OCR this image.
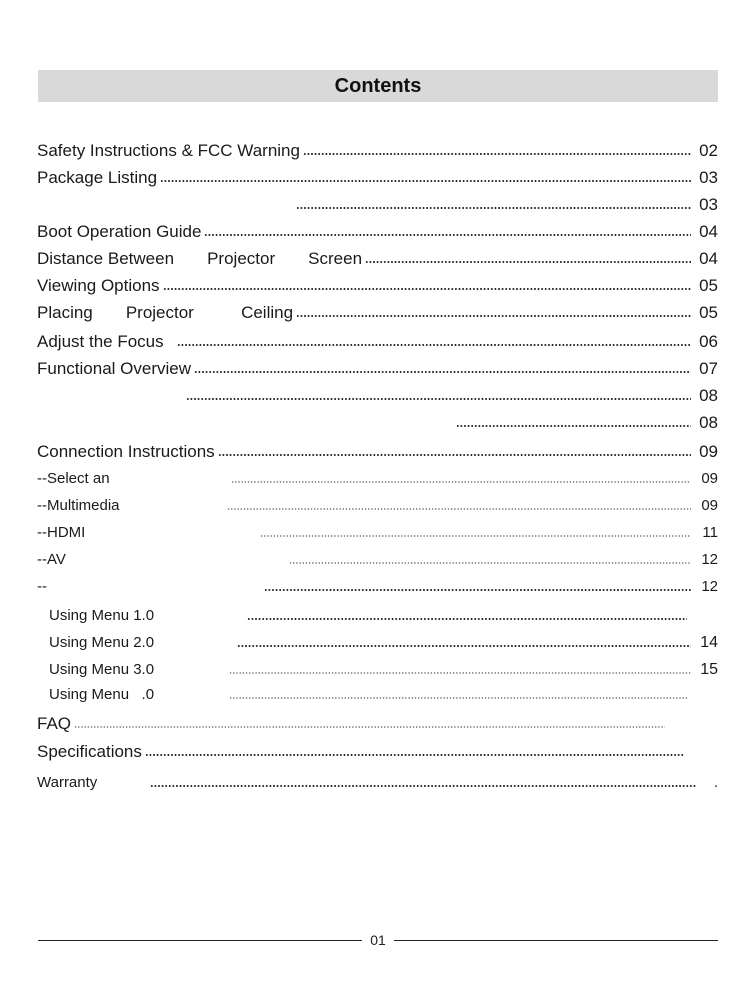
Contents
Safety Instructions & FCC Warning	02
Package Listing	03
03
Boot Operation Guide	04
Distance Between       Projector       Screen	04
Viewing Options	05
Placing       Projector          Ceiling	05
Adjust the Focus	06
Functional Overview	07
08
08
Connection Instructions	09
--Select an	09
--Multimedia	09
--HDMI	11
--AV	12
--	12
Using Menu 1.0
Using Menu 2.0	14
Using Menu 3.0	15
Using Menu   .0
FAQ
Specifications
Warranty	.
01
